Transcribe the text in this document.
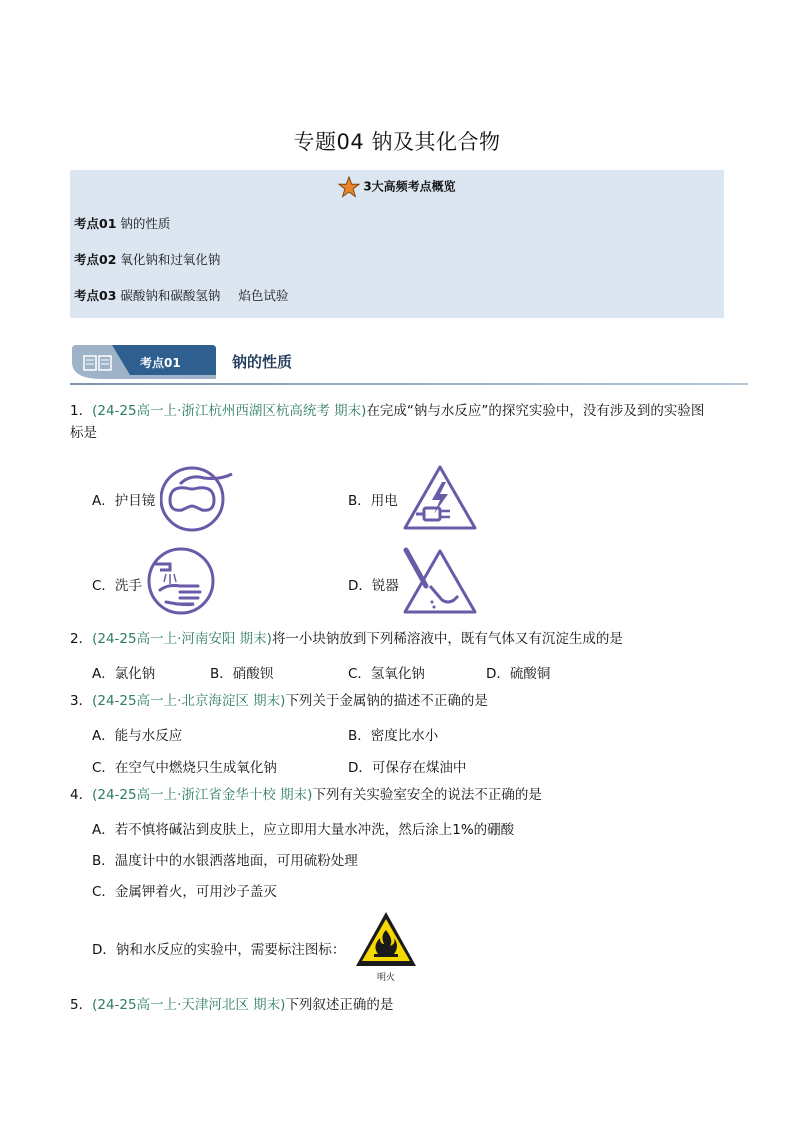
专题04 钠及其化合物
3大高频考点概览
考点01 钠的性质
考点02 氧化钠和过氧化钠
考点03 碳酸钠和碳酸氢钠 焰色试验
考点01	钠的性质
1．(24-25高一上·浙江杭州西湖区杭高统考 期末)在完成“钠与水反应”的探究实验中，没有涉及到的实验图
标是
A．护目镜	B．用电
C．洗手	D．锐器
2．(24-25高一上·河南安阳 期末)将一小块钠放到下列稀溶液中，既有气体又有沉淀生成的是
A．氯化钠	B．硝酸钡	C．氢氧化钠	D．硫酸铜
3．(24-25高一上·北京海淀区 期末)下列关于金属钠的描述不正确的是
A．能与水反应	B．密度比水小
C．在空气中燃烧只生成氧化钠	D．可保存在煤油中
4．(24-25高一上·浙江省金华十校 期末)下列有关实验室安全的说法不正确的是
A．若不慎将碱沾到皮肤上，应立即用大量水冲洗，然后涂上1%的硼酸
B．温度计中的水银洒落地面，可用硫粉处理
C．金属钾着火，可用沙子盖灭
D．钠和水反应的实验中，需要标注图标：
明火
5．(24-25高一上·天津河北区 期末)下列叙述正确的是
